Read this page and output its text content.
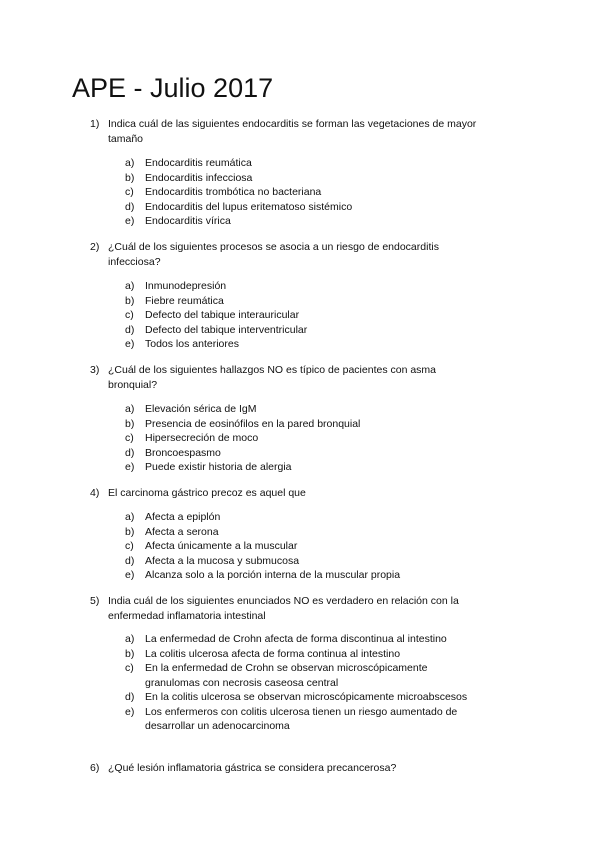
APE - Julio 2017
1) Indica cuál de las siguientes endocarditis se forman las vegetaciones de mayor tamaño
a) Endocarditis reumática
b) Endocarditis infecciosa
c) Endocarditis trombótica no bacteriana
d) Endocarditis del lupus eritematoso sistémico
e) Endocarditis vírica
2) ¿Cuál de los siguientes procesos se asocia a un riesgo de endocarditis infecciosa?
a) Inmunodepresión
b) Fiebre reumática
c) Defecto del tabique interauricular
d) Defecto del tabique interventricular
e) Todos los anteriores
3) ¿Cuál de los siguientes hallazgos NO es típico de pacientes con asma bronquial?
a) Elevación sérica de IgM
b) Presencia de eosinófilos en la pared bronquial
c) Hipersecreción de moco
d) Broncoespasmo
e) Puede existir historia de alergia
4) El carcinoma gástrico precoz es aquel que
a) Afecta a epiplón
b) Afecta a serona
c) Afecta únicamente a la muscular
d) Afecta a la mucosa y submucosa
e) Alcanza solo a la porción interna de la muscular propia
5) India cuál de los siguientes enunciados NO es verdadero en relación con la enfermedad inflamatoria intestinal
a) La enfermedad de Crohn afecta de forma discontinua al intestino
b) La colitis ulcerosa afecta de forma continua al intestino
c) En la enfermedad de Crohn se observan microscópicamente granulomas con necrosis caseosa central
d) En la colitis ulcerosa se observan microscópicamente microabscesos
e) Los enfermeros con colitis ulcerosa tienen un riesgo aumentado de desarrollar un adenocarcinoma
6) ¿Qué lesión inflamatoria gástrica se considera precancerosa?
